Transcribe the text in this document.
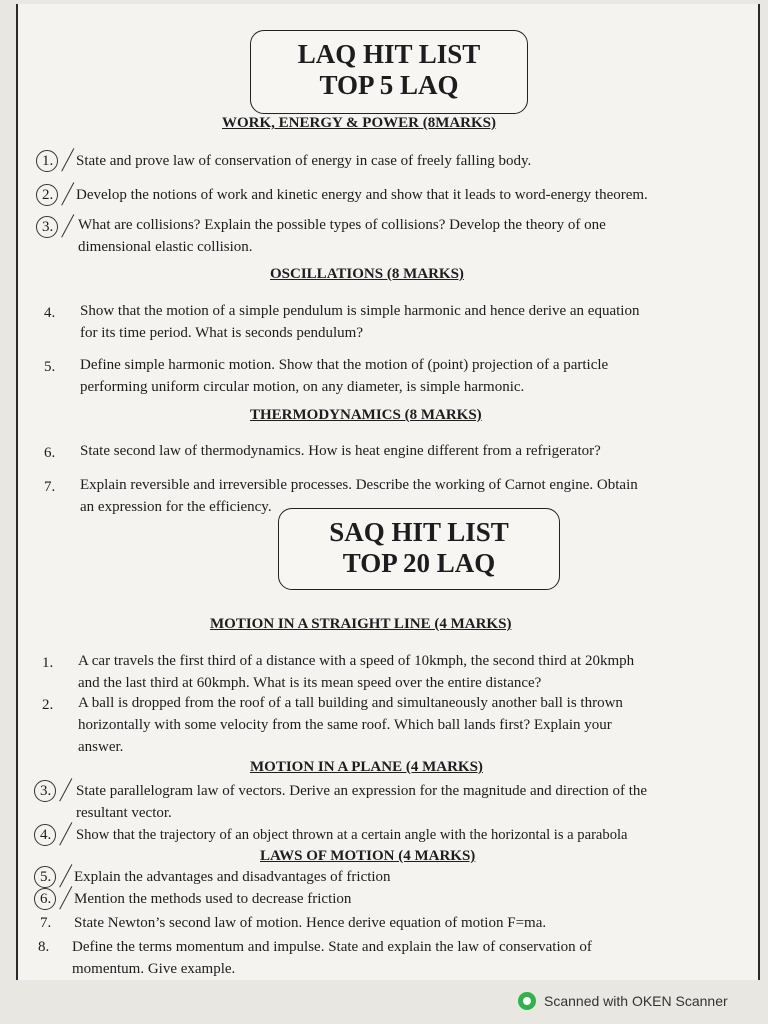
LAQ HIT LIST
TOP 5 LAQ
WORK, ENERGY & POWER (8MARKS)
1. State and prove law of conservation of energy in case of freely falling body.
2. Develop the notions of work and kinetic energy and show that it leads to word-energy theorem.
3. What are collisions? Explain the possible types of collisions? Develop the theory of one
dimensional elastic collision.
OSCILLATIONS (8 MARKS)
4. Show that the motion of a simple pendulum is simple harmonic and hence derive an equation
for its time period. What is seconds pendulum?
5. Define simple harmonic motion. Show that the motion of (point) projection of a particle
performing uniform circular motion, on any diameter, is simple harmonic.
THERMODYNAMICS (8 MARKS)
6. State second law of thermodynamics. How is heat engine different from a refrigerator?
7. Explain reversible and irreversible processes. Describe the working of Carnot engine. Obtain
an expression for the efficiency.
SAQ HIT LIST
TOP 20 LAQ
MOTION IN A STRAIGHT LINE (4 MARKS)
1. A car travels the first third of a distance with a speed of 10kmph, the second third at 20kmph
and the last third at 60kmph. What is its mean speed over the entire distance?
2. A ball is dropped from the roof of a tall building and simultaneously another ball is thrown
horizontally with some velocity from the same roof. Which ball lands first? Explain your
answer.
MOTION IN A PLANE (4 MARKS)
3. State parallelogram law of vectors. Derive an expression for the magnitude and direction of the
resultant vector.
4. Show that the trajectory of an object thrown at a certain angle with the horizontal is a parabola
LAWS OF MOTION (4 MARKS)
5. Explain the advantages and disadvantages of friction
6. Mention the methods used to decrease friction
7. State Newton’s second law of motion. Hence derive equation of motion F=ma.
8. Define the terms momentum and impulse. State and explain the law of conservation of
momentum. Give example.
Scanned with OKEN Scanner
